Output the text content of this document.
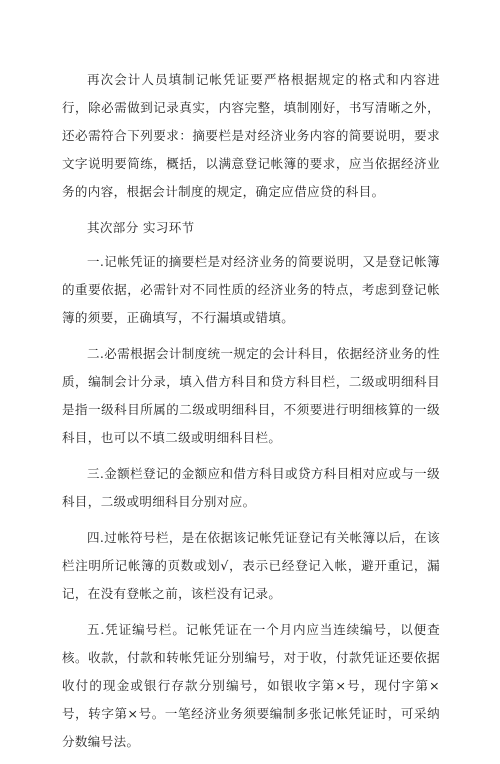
再次会计人员填制记帐凭证要严格根据规定的格式和内容进行，除必需做到记录真实，内容完整，填制刚好，书写清晰之外，还必需符合下列要求：摘要栏是对经济业务内容的简要说明，要求文字说明要简练，概括，以满意登记帐簿的要求，应当依据经济业务的内容，根据会计制度的规定，确定应借应贷的科目。

其次部分 实习环节

一.记帐凭证的摘要栏是对经济业务的简要说明，又是登记帐簿的重要依据，必需针对不同性质的经济业务的特点，考虑到登记帐簿的须要，正确填写，不行漏填或错填。

二.必需根据会计制度统一规定的会计科目，依据经济业务的性质，编制会计分录，填入借方科目和贷方科目栏，二级或明细科目是指一级科目所属的二级或明细科目，不须要进行明细核算的一级科目，也可以不填二级或明细科目栏。

三.金额栏登记的金额应和借方科目或贷方科目相对应或与一级科目，二级或明细科目分别对应。

四.过帐符号栏，是在依据该记帐凭证登记有关帐簿以后，在该栏注明所记帐簿的页数或划√，表示已经登记入帐，避开重记，漏记，在没有登帐之前，该栏没有记录。

五.凭证编号栏。记帐凭证在一个月内应当连续编号，以便查核。收款，付款和转帐凭证分别编号，对于收，付款凭证还要依据收付的现金或银行存款分别编号，如银收字第×号，现付字第×号，转字第×号。一笔经济业务须要编制多张记帐凭证时，可采纳分数编号法。
